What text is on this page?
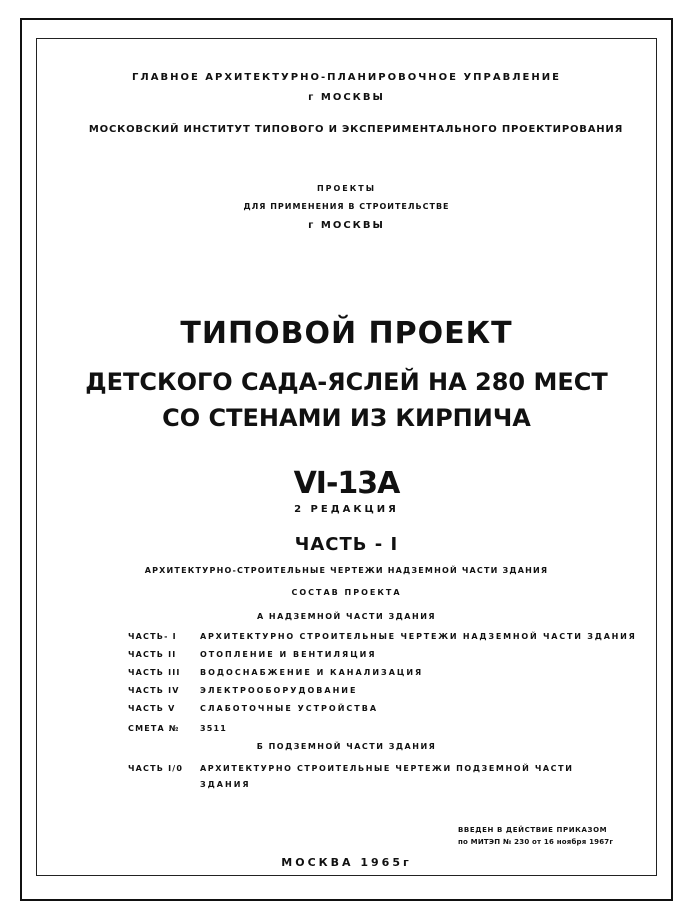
ГЛАВНОЕ АРХИТЕКТУРНО-ПЛАНИРОВОЧНОЕ УПРАВЛЕНИЕ
г МОСКВЫ
МОСКОВСКИЙ ИНСТИТУТ ТИПОВОГО И ЭКСПЕРИМЕНТАЛЬНОГО ПРОЕКТИРОВАНИЯ
ПРОЕКТЫ
ДЛЯ ПРИМЕНЕНИЯ В СТРОИТЕЛЬСТВЕ
г МОСКВЫ
ТИПОВОЙ ПРОЕКТ
ДЕТСКОГО САДА-ЯСЛЕЙ НА 280 МЕСТ
СО СТЕНАМИ ИЗ КИРПИЧА
VI-13А
2 РЕДАКЦИЯ
ЧАСТЬ - I
АРХИТЕКТУРНО-СТРОИТЕЛЬНЫЕ ЧЕРТЕЖИ НАДЗЕМНОЙ ЧАСТИ ЗДАНИЯ
СОСТАВ ПРОЕКТА
А НАДЗЕМНОЙ ЧАСТИ ЗДАНИЯ
ЧАСТЬ- I	АРХИТЕКТУРНО СТРОИТЕЛЬНЫЕ ЧЕРТЕЖИ НАДЗЕМНОЙ ЧАСТИ ЗДАНИЯ
ЧАСТЬ II	ОТОПЛЕНИЕ И ВЕНТИЛЯЦИЯ
ЧАСТЬ III ВОДОСНАБЖЕНИЕ И КАНАЛИЗАЦИЯ
ЧАСТЬ IV	ЭЛЕКТРООБОРУДОВАНИЕ
ЧАСТЬ V	СЛАБОТОЧНЫЕ УСТРОЙСТВА
СМЕТА №	3511
Б ПОДЗЕМНОЙ ЧАСТИ ЗДАНИЯ
ЧАСТЬ I/0 АРХИТЕКТУРНО СТРОИТЕЛЬНЫЕ ЧЕРТЕЖИ ПОДЗЕМНОЙ ЧАСТИ
ЗДАНИЯ
ВВЕДЕН В ДЕЙСТВИЕ ПРИКАЗОМ
по МИТЭП № 230 от 16 ноября 1967г
МОСКВА 1965г
